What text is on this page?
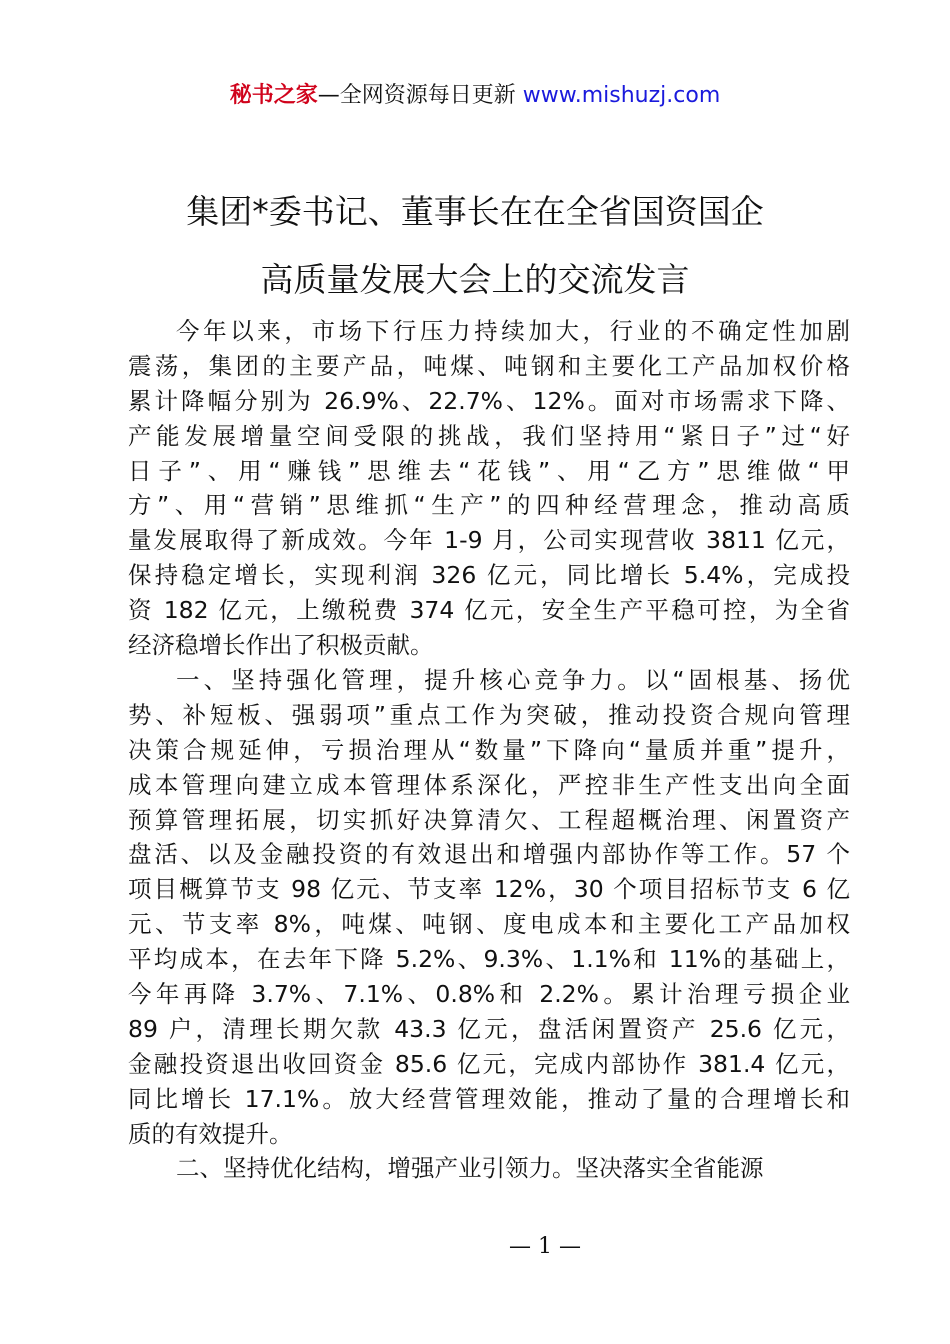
秘书之家—全网资源每日更新 www.mishuzj.com
集团*委书记、董事长在在全省国资国企
高质量发展大会上的交流发言
今年以来，市场下行压力持续加大，行业的不确定性加剧
震荡，集团的主要产品，吨煤、吨钢和主要化工产品加权价格
累计降幅分别为 26.9%、22.7%、12%。面对市场需求下降、
产能发展增量空间受限的挑战，我们坚持用“紧日子”过“好
日子”、用“赚钱”思维去“花钱”、用“乙方”思维做“甲
方”、用“营销”思维抓“生产”的四种经营理念，推动高质
量发展取得了新成效。今年 1-9 月，公司实现营收 3811 亿元，
保持稳定增长，实现利润 326 亿元，同比增长 5.4%，完成投
资 182 亿元，上缴税费 374 亿元，安全生产平稳可控，为全省
经济稳增长作出了积极贡献。
一、坚持强化管理，提升核心竞争力。以“固根基、扬优
势、补短板、强弱项”重点工作为突破，推动投资合规向管理
决策合规延伸，亏损治理从“数量”下降向“量质并重”提升，
成本管理向建立成本管理体系深化，严控非生产性支出向全面
预算管理拓展，切实抓好决算清欠、工程超概治理、闲置资产
盘活、以及金融投资的有效退出和增强内部协作等工作。57 个
项目概算节支 98 亿元、节支率 12%，30 个项目招标节支 6 亿
元、节支率 8%，吨煤、吨钢、度电成本和主要化工产品加权
平均成本，在去年下降 5.2%、9.3%、1.1%和 11%的基础上，
今年再降 3.7%、7.1%、0.8%和 2.2%。累计治理亏损企业
89 户，清理长期欠款 43.3 亿元，盘活闲置资产 25.6 亿元，
金融投资退出收回资金 85.6 亿元，完成内部协作 381.4 亿元，
同比增长 17.1%。放大经营管理效能，推动了量的合理增长和
质的有效提升。
二、坚持优化结构，增强产业引领力。坚决落实全省能源
— 1 —
